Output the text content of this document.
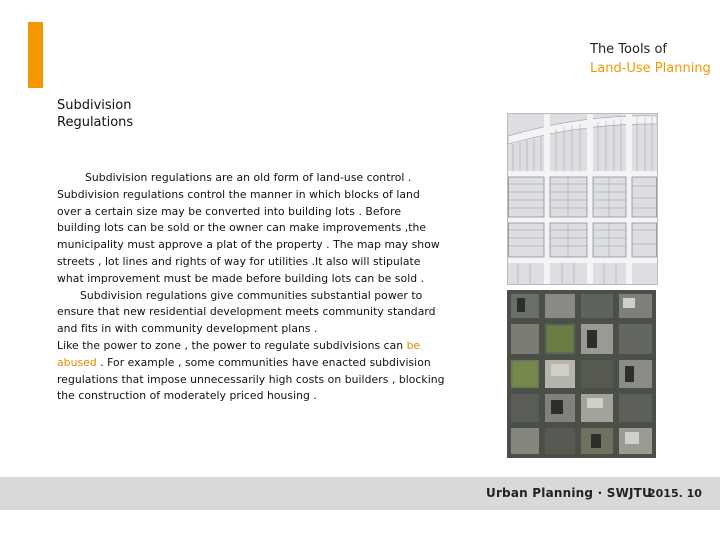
The Tools of
Land-Use Planning
Subdivision
Regulations

Subdivision regulations are an old form of land-use control . Subdivision regulations control the manner in which blocks of land over a certain size may be converted into building lots . Before building lots can be sold or the owner can make improvements ,the municipality must approve a plat of the property . The map may show streets , lot lines and rights of way for utilities .It also will stipulate what improvement must be made before building lots can be sold .

Subdivision regulations give communities substantial power to ensure that new residential development meets community standard and fits in with community development plans .

Like the power to zone , the power to regulate subdivisions can be abused . For example , some communities have enacted subdivision regulations that impose unnecessarily high costs on builders , blocking the construction of moderately priced housing .

Urban Planning · SWJTU
2015. 10
